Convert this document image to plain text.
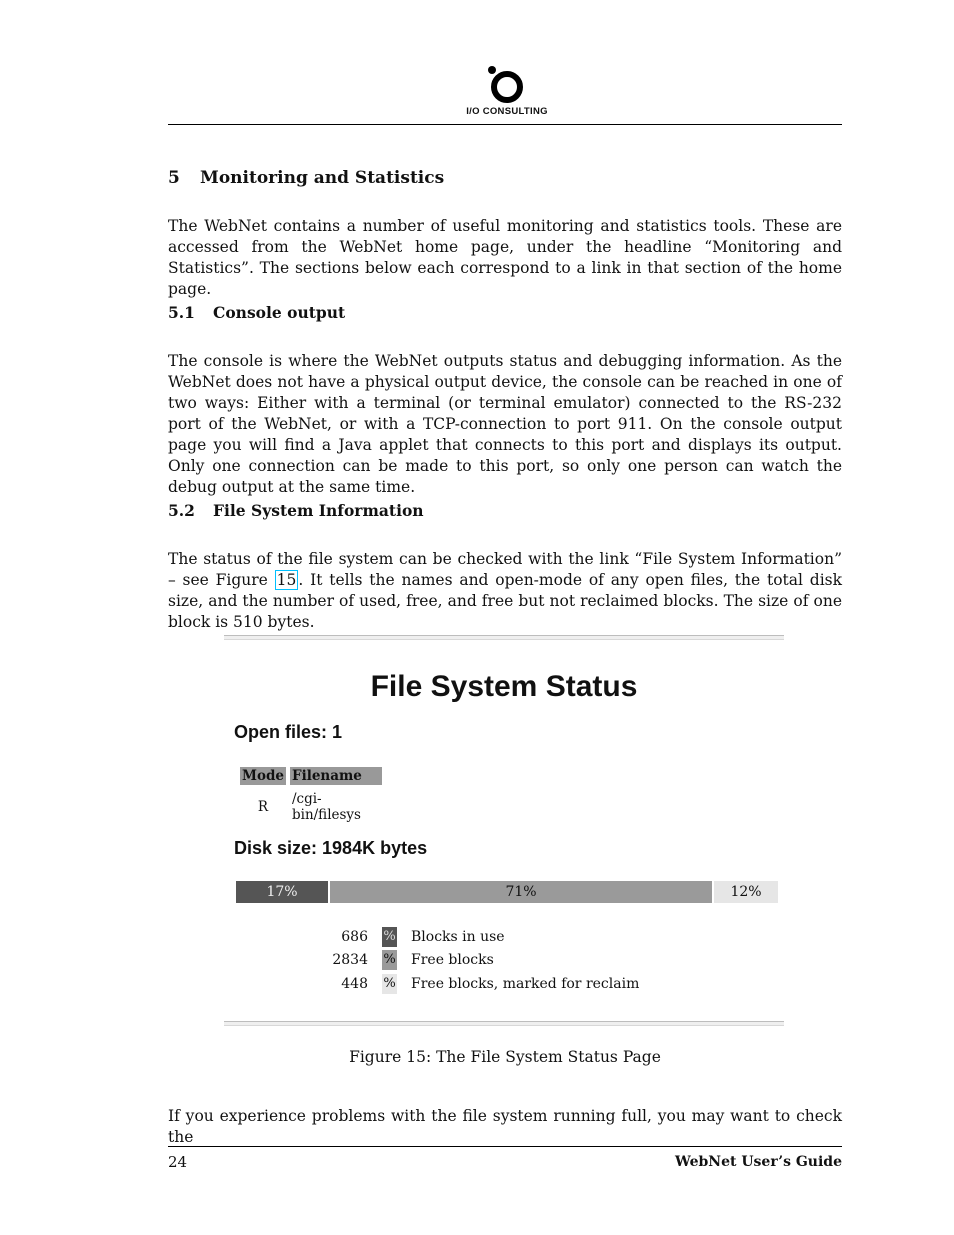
I/O CONSULTING
5 Monitoring and Statistics

The WebNet contains a number of useful monitoring and statistics tools. These are accessed from the WebNet home page, under the headline “Monitoring and Statistics”. The sections below each correspond to a link in that section of the home page.

5.1 Console output

The console is where the WebNet outputs status and debugging information. As the WebNet does not have a physical output device, the console can be reached in one of two ways: Either with a terminal (or terminal emulator) connected to the RS-232 port of the WebNet, or with a TCP-connection to port 911. On the console output page you will find a Java applet that connects to this port and displays its output. Only one connection can be made to this port, so only one person can watch the debug output at the same time.

5.2 File System Information

The status of the file system can be checked with the link “File System Information” – see Figure 15 . It tells the names and open-mode of any open files, the total disk size, and the number of used, free, and free but not reclaimed blocks. The size of one block is 510 bytes.

File System Status
Open files: 1
Mode	Filename
R	/cgi-bin/filesys
Disk size: 1984K bytes
17%	71%	12%
686 % Blocks in use
2834 % Free blocks
448 % Free blocks, marked for reclaim
Figure 15: The File System Status Page

If you experience problems with the file system running full, you may want to check the

24	WebNet User’s Guide
